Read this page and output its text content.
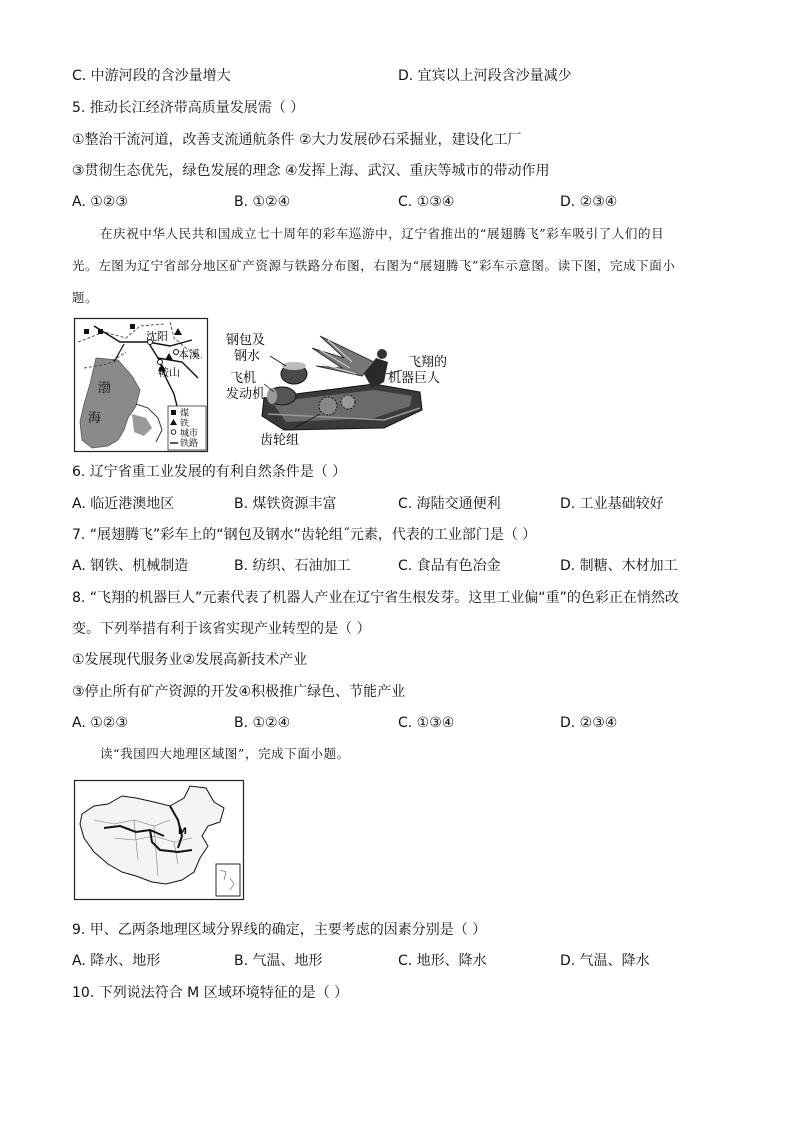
C. 中游河段的含沙量增大	D. 宜宾以上河段含沙量减少
5. 推动长江经济带高质量发展需（ ）
①整治干流河道，改善支流通航条件 ②大力发展砂石采掘业，建设化工厂
③贯彻生态优先，绿色发展的理念 ④发挥上海、武汉、重庆等城市的带动作用
A. ①②③	B. ①②④	C. ①③④	D. ②③④
在庆祝中华人民共和国成立七十周年的彩车巡游中，辽宁省推出的“展翅腾飞”彩车吸引了人们的目
光。左图为辽宁省部分地区矿产资源与铁路分布图，右图为“展翅腾飞”彩车示意图。读下图，完成下面小
题。
沈阳
本溪
鞍山
渤
海	煤
铁
城市
铁路
钢包及
钢水
飞机
发动机
飞翔的
机器巨人
齿轮组
6. 辽宁省重工业发展的有利自然条件是（ ）
A. 临近港澳地区	B. 煤铁资源丰富	C. 海陆交通便利	D. 工业基础较好
7. “展翅腾飞”彩车上的“钢包及钢水”齿轮组˝元素，代表的工业部门是（ ）
A. 钢铁、机械制造	B. 纺织、石油加工	C. 食品有色冶金	D. 制糖、木材加工
8. “飞翔的机器巨人”元素代表了机器人产业在辽宁省生根发芽。这里工业偏“重”的色彩正在悄然改
变。下列举措有利于该省实现产业转型的是（ ）
①发展现代服务业②发展高新技术产业
③停止所有矿产资源的开发④积极推广绿色、节能产业
A. ①②③	B. ①②④	C. ①③④	D. ②③④
读“我国四大地理区域图”，完成下面小题。
M
9. 甲、乙两条地理区域分界线的确定，主要考虑的因素分别是（ ）
A. 降水、地形	B. 气温、地形	C. 地形、降水	D. 气温、降水
10. 下列说法符合 M 区域环境特征的是（ ）
